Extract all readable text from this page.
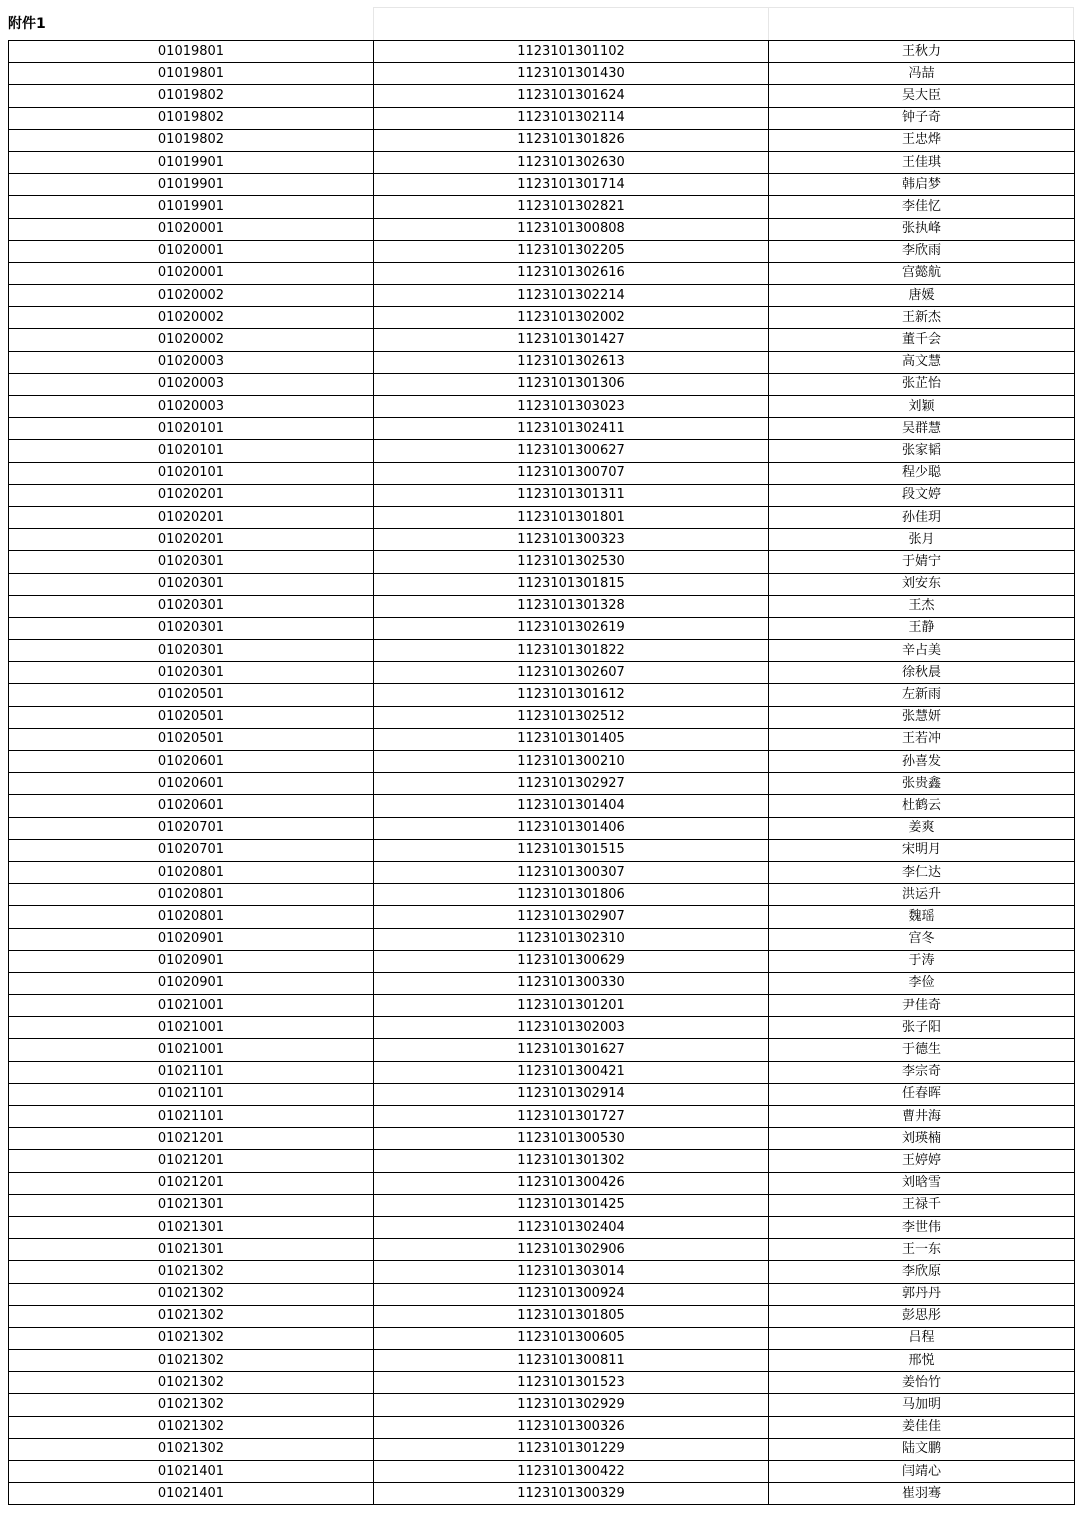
附件1
01019801	1123101301102	王秋力
01019801	1123101301430	冯喆
01019802	1123101301624	吴大臣
01019802	1123101302114	钟子奇
01019802	1123101301826	王忠烨
01019901	1123101302630	王佳琪
01019901	1123101301714	韩启梦
01019901	1123101302821	李佳忆
01020001	1123101300808	张执峰
01020001	1123101302205	李欣雨
01020001	1123101302616	宫懿航
01020002	1123101302214	唐媛
01020002	1123101302002	王新杰
01020002	1123101301427	董千会
01020003	1123101302613	高文慧
01020003	1123101301306	张芷怡
01020003	1123101303023	刘颖
01020101	1123101302411	吴群慧
01020101	1123101300627	张家韬
01020101	1123101300707	程少聪
01020201	1123101301311	段文婷
01020201	1123101301801	孙佳玥
01020201	1123101300323	张月
01020301	1123101302530	于婧宁
01020301	1123101301815	刘安东
01020301	1123101301328	王杰
01020301	1123101302619	王静
01020301	1123101301822	辛占美
01020301	1123101302607	徐秋晨
01020501	1123101301612	左新雨
01020501	1123101302512	张慧妍
01020501	1123101301405	王若冲
01020601	1123101300210	孙喜发
01020601	1123101302927	张贵鑫
01020601	1123101301404	杜鹤云
01020701	1123101301406	姜爽
01020701	1123101301515	宋明月
01020801	1123101300307	李仁达
01020801	1123101301806	洪运升
01020801	1123101302907	魏瑶
01020901	1123101302310	宫冬
01020901	1123101300629	于涛
01020901	1123101300330	李俭
01021001	1123101301201	尹佳奇
01021001	1123101302003	张子阳
01021001	1123101301627	于德生
01021101	1123101300421	李宗奇
01021101	1123101302914	任春晖
01021101	1123101301727	曹井海
01021201	1123101300530	刘瑛楠
01021201	1123101301302	王婷婷
01021201	1123101300426	刘晗雪
01021301	1123101301425	王禄千
01021301	1123101302404	李世伟
01021301	1123101302906	王一东
01021302	1123101303014	李欣原
01021302	1123101300924	郭丹丹
01021302	1123101301805	彭思彤
01021302	1123101300605	吕程
01021302	1123101300811	邢悦
01021302	1123101301523	姜怡竹
01021302	1123101302929	马加明
01021302	1123101300326	姜佳佳
01021302	1123101301229	陆文鹏
01021401	1123101300422	闫靖心
01021401	1123101300329	崔羽骞
